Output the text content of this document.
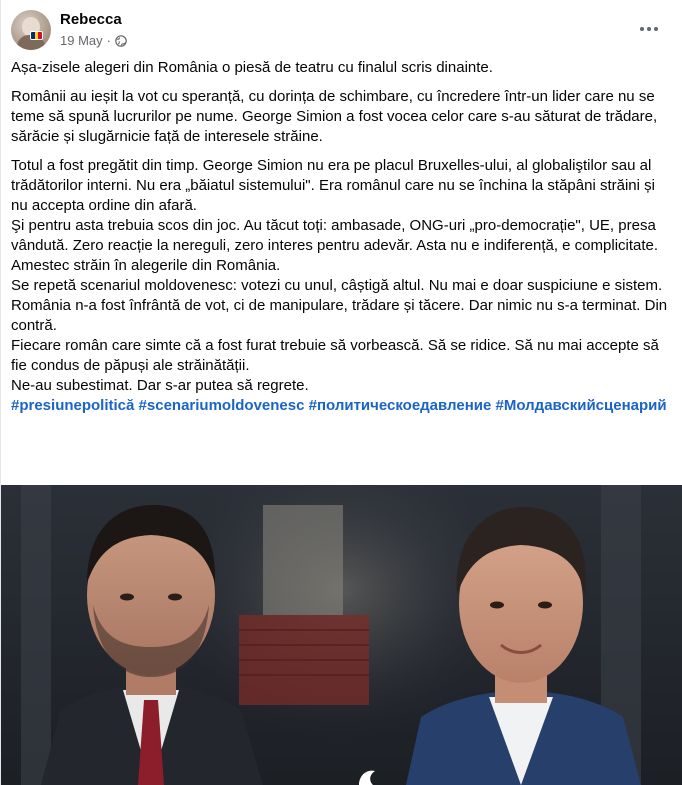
Rebecca
19 May ·

Așa-zisele alegeri din România o piesă de teatru cu finalul scris dinainte.

Românii au ieșit la vot cu speranță, cu dorința de schimbare, cu încredere într-un lider care nu se teme să spună lucrurilor pe nume. George Simion a fost vocea celor care s-au săturat de trădare, sărăcie și slugărnicie față de interesele străine.

Totul a fost pregătit din timp. George Simion nu era pe placul Bruxelles-ului, al globaliştilor sau al trădătorilor interni. Nu era „băiatul sistemului". Era românul care nu se închina la stăpâni străini și nu accepta ordine din afară.

Şi pentru asta trebuia scos din joc. Au tăcut toți: ambasade, ONG-uri „pro-democrație", UE, presa vândută. Zero reacție la nereguli, zero interes pentru adevăr. Asta nu e indiferență, e complicitate.

Amestec străin în alegerile din România.

Se repetă scenariul moldovenesc: votezi cu unul, câștigă altul. Nu mai e doar suspiciune e sistem.

România n-a fost înfrântă de vot, ci de manipulare, trădare și tăcere. Dar nimic nu s-a terminat. Din contră.

Fiecare român care simte că a fost furat trebuie să vorbească. Să se ridice. Să nu mai accepte să fie condus de păpuși ale străinătății.

Ne-au subestimat. Dar s-ar putea să regrete.

#presiunepolitică #scenariumoldovenesc #политическоедавление #Молдавскийсценарий
